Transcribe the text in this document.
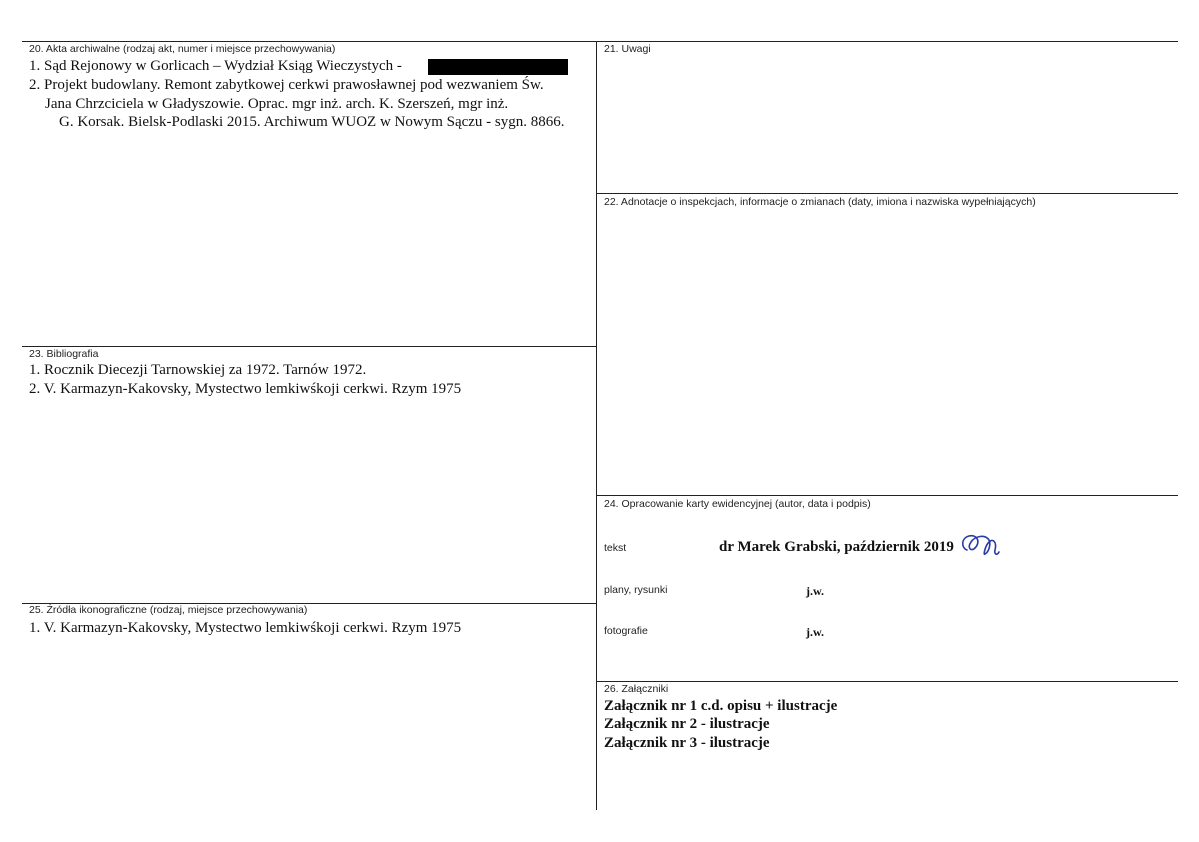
20. Akta archiwalne (rodzaj akt, numer i miejsce przechowywania)
1. Sąd Rejonowy w Gorlicach – Wydział Ksiąg Wieczystych -
2. Projekt budowlany. Remont zabytkowej cerkwi prawosławnej pod wezwaniem Św.
Jana Chrzciciela w Gładyszowie. Oprac. mgr inż. arch. K. Szerszeń, mgr inż.
G. Korsak. Bielsk-Podlaski 2015. Archiwum WUOZ w Nowym Sączu - sygn. 8866.
21. Uwagi
22. Adnotacje o inspekcjach, informacje o zmianach (daty, imiona i nazwiska wypełniających)
23. Bibliografia
1. Rocznik Diecezji Tarnowskiej za 1972. Tarnów 1972.
2. V. Karmazyn-Kakovsky, Mystectwo lemkiwśkoji cerkwi. Rzym 1975
24. Opracowanie karty ewidencyjnej (autor, data i podpis)
tekst	dr Marek Grabski, październik 2019
plany, rysunki	j.w.
fotografie	j.w.
25. Źródła ikonograficzne (rodzaj, miejsce przechowywania)
1. V. Karmazyn-Kakovsky, Mystectwo lemkiwśkoji cerkwi. Rzym 1975
26. Załączniki
Załącznik nr 1 c.d. opisu + ilustracje
Załącznik nr 2 - ilustracje
Załącznik nr 3 - ilustracje
